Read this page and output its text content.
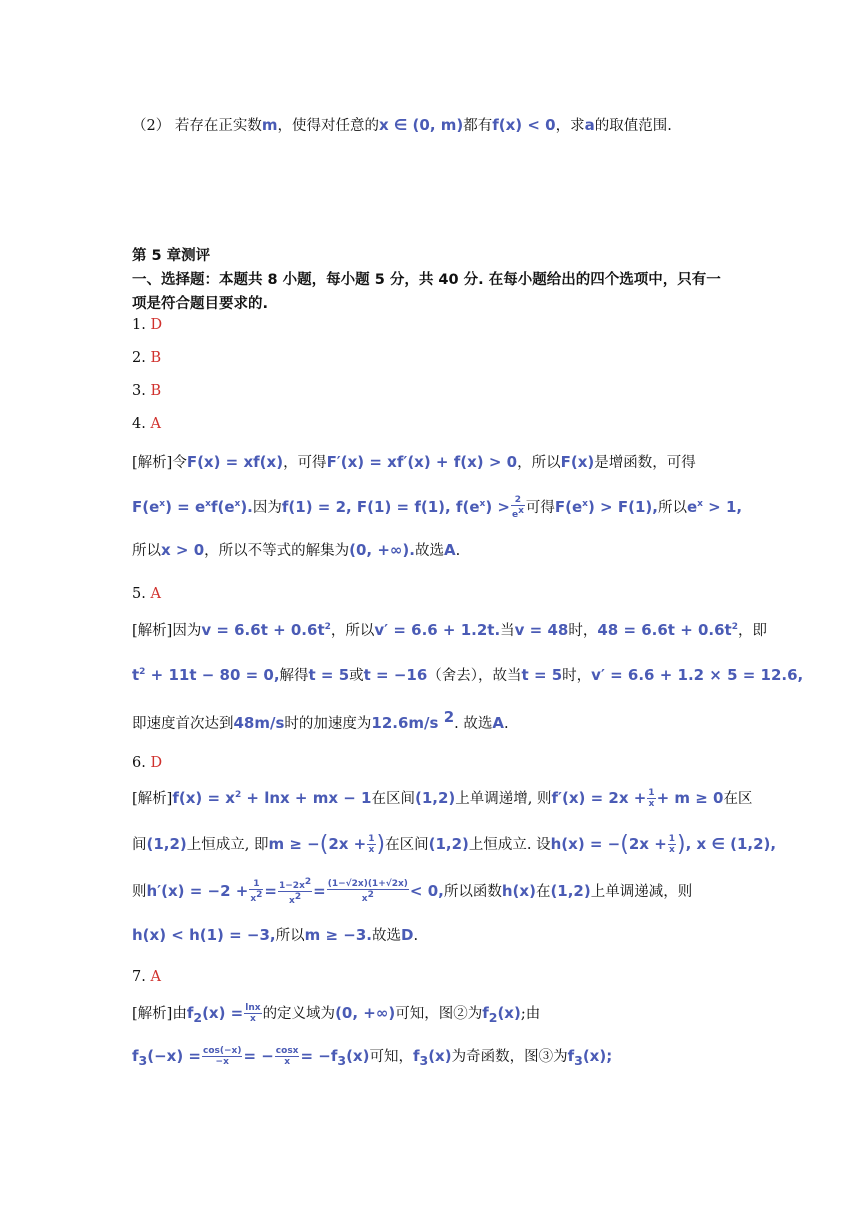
（2） 若存在正实数m，使得对任意的x ∈ (0, m)都有f(x) < 0，求a的取值范围.
第 5 章测评
一、选择题：本题共 8 小题，每小题 5 分，共 40 分. 在每小题给出的四个选项中，只有一
项是符合题目要求的.
1. D
2. B
3. B
4. A
[解析]令F(x) = xf(x)，可得F′(x) = xf′(x) + f(x) > 0，所以F(x)是增函数，可得
$F(e^x) = e^xf(e^x)$.因为f(1) = 2, F(1) = f(1), $f(e^x) > \frac{2}{e^x}$ 可得$F(e^x) > F(1)$,所以$e^x > 1$,
所以x > 0，所以不等式的解集为(0, +∞).故选A.
5. A
[解析]因为$v = 6.6t + 0.6t^2$，所以v′ = 6.6 + 1.2t.当v = 48时，$48 = 6.6t + 0.6t^2$，即
$t^2 + 11t - 80 = 0$,解得t = 5或t = −16（舍去），故当t = 5时，v′ = 6.6 + 1.2 × 5 = 12.6,
即速度首次达到48m/s时的加速度为12.6m/s $^2$. 故选A.
6. D
[解析]$f(x) = x^2 + \ln x$ + mx − 1在区间(1,2)上单调递增, 则$f'(x) = 2x + \frac{1}{x} + m \ge 0$在区
间(1,2)上恒成立, 即$m \ge -(2x + \frac{1}{x}$ )在区间(1,2)上恒成立. 设$h(x) = -(2x + \frac{1}{x}$ ), x ∈ (1,2),
则$h'(x) = -2 + \frac{1}{x^2} = \frac{1-2x^2}{x^2} = \frac{(1-√2x)(1+√2x)}{x^2} < 0$,所以函数h(x)在(1,2)上单调递减，则
h(x) < h(1) = −3,所以m ≥ −3.故选D.
7. A
[解析]由$f_2(x) = \frac{\ln x}{x}$ 的定义域为(0, +∞)可知，图②为$f_2(x)$;由
$f_3(-x) = \frac{\cos(-x)}{-x}$ = − $\frac{\cos x}{x} = -f_3(x)$可知，$f_3(x)$为奇函数，图③为$f_3(x)$;
